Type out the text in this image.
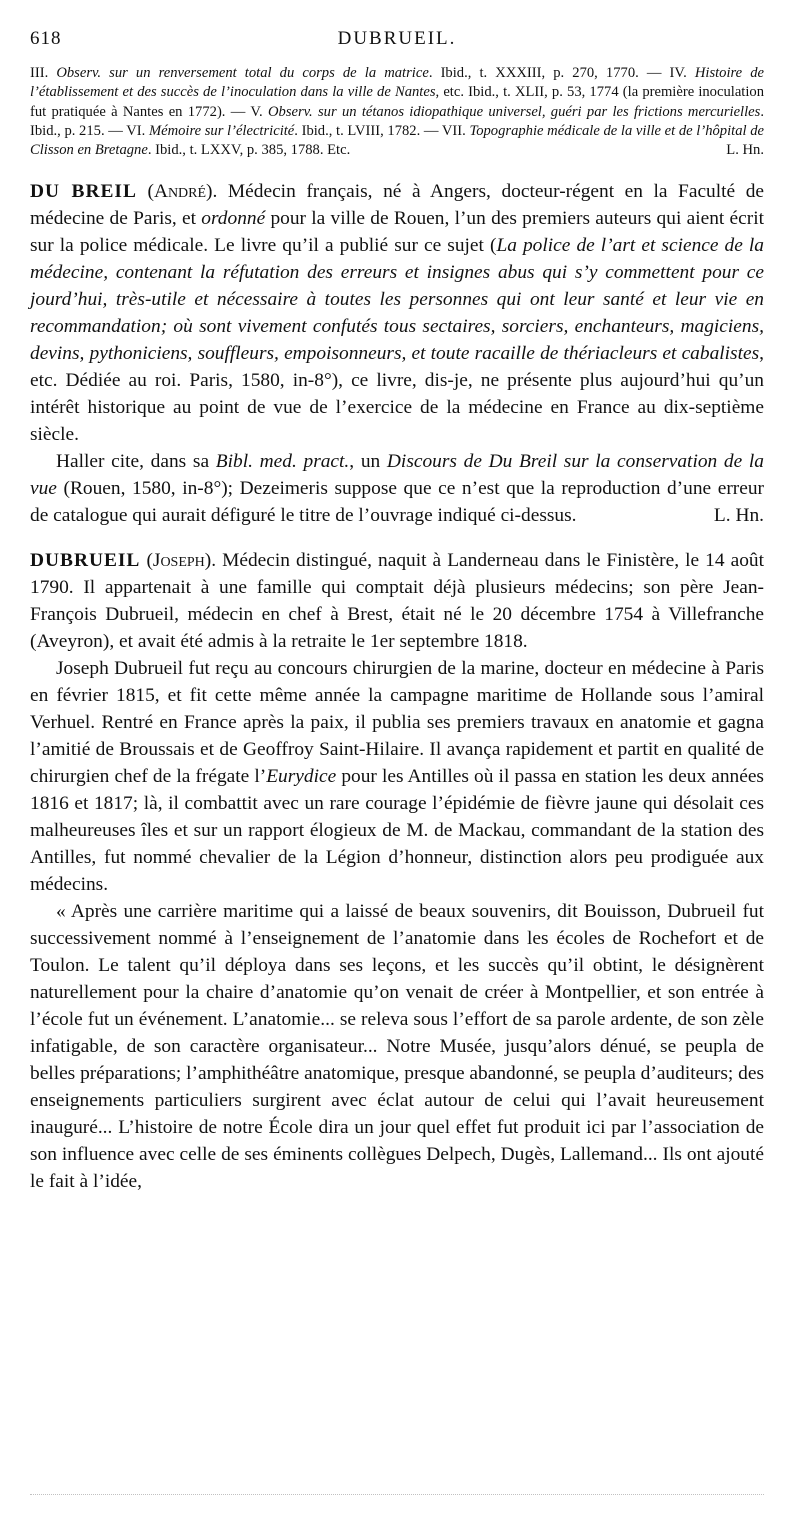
618	DUBRUEIL.
III. Observ. sur un renversement total du corps de la matrice. Ibid., t. XXXIII, p. 270, 1770. — IV. Histoire de l’établissement et des succès de l’inoculation dans la ville de Nantes, etc. Ibid., t. XLII, p. 53, 1774 (la première inoculation fut pratiquée à Nantes en 1772). — V. Observ. sur un tétanos idiopathique universel, guéri par les frictions mercurielles. Ibid., p. 215. — VI. Mémoire sur l’électricité. Ibid., t. LVIII, 1782. — VII. Topographie médicale de la ville et de l’hôpital de Clisson en Bretagne. Ibid., t. LXXV, p. 385, 1788. Etc.	L. Hn.

DU BREIL (André). Médecin français, né à Angers, docteur-régent en la Faculté de médecine de Paris, et ordonné pour la ville de Rouen, l’un des premiers auteurs qui aient écrit sur la police médicale. Le livre qu’il a publié sur ce sujet (La police de l’art et science de la médecine, contenant la réfutation des erreurs et insignes abus qui s’y commettent pour ce jourd’hui, très-utile et nécessaire à toutes les personnes qui ont leur santé et leur vie en recommandation; où sont vivement confutés tous sectaires, sorciers, enchanteurs, magiciens, devins, pythoniciens, souffleurs, empoisonneurs, et toute racaille de thériacleurs et cabalistes, etc. Dédiée au roi. Paris, 1580, in-8°), ce livre, dis-je, ne présente plus aujourd’hui qu’un intérêt historique au point de vue de l’exercice de la médecine en France au dix-septième siècle.

Haller cite, dans sa Bibl. med. pract., un Discours de Du Breil sur la conservation de la vue (Rouen, 1580, in-8°); Dezeimeris suppose que ce n’est que la reproduction d’une erreur de catalogue qui aurait défiguré le titre de l’ouvrage indiqué ci-dessus.	L. Hn.

DUBRUEIL (Joseph). Médecin distingué, naquit à Landerneau dans le Finistère, le 14 août 1790. Il appartenait à une famille qui comptait déjà plusieurs médecins; son père Jean-François Dubrueil, médecin en chef à Brest, était né le 20 décembre 1754 à Villefranche (Aveyron), et avait été admis à la retraite le 1er septembre 1818.

Joseph Dubrueil fut reçu au concours chirurgien de la marine, docteur en médecine à Paris en février 1815, et fit cette même année la campagne maritime de Hollande sous l’amiral Verhuel. Rentré en France après la paix, il publia ses premiers travaux en anatomie et gagna l’amitié de Broussais et de Geoffroy Saint-Hilaire. Il avança rapidement et partit en qualité de chirurgien chef de la frégate l’Eurydice pour les Antilles où il passa en station les deux années 1816 et 1817; là, il combattit avec un rare courage l’épidémie de fièvre jaune qui désolait ces malheureuses îles et sur un rapport élogieux de M. de Mackau, commandant de la station des Antilles, fut nommé chevalier de la Légion d’honneur, distinction alors peu prodiguée aux médecins.

« Après une carrière maritime qui a laissé de beaux souvenirs, dit Bouisson, Dubrueil fut successivement nommé à l’enseignement de l’anatomie dans les écoles de Rochefort et de Toulon. Le talent qu’il déploya dans ses leçons, et les succès qu’il obtint, le désignèrent naturellement pour la chaire d’anatomie qu’on venait de créer à Montpellier, et son entrée à l’école fut un événement. L’anatomie... se releva sous l’effort de sa parole ardente, de son zèle infatigable, de son caractère organisateur... Notre Musée, jusqu’alors dénué, se peupla de belles préparations; l’amphithéâtre anatomique, presque abandonné, se peupla d’auditeurs; des enseignements particuliers surgirent avec éclat autour de celui qui l’avait heureusement inauguré... L’histoire de notre École dira un jour quel effet fut produit ici par l’association de son influence avec celle de ses éminents collègues Delpech, Dugès, Lallemand... Ils ont ajouté le fait à l’idée,
